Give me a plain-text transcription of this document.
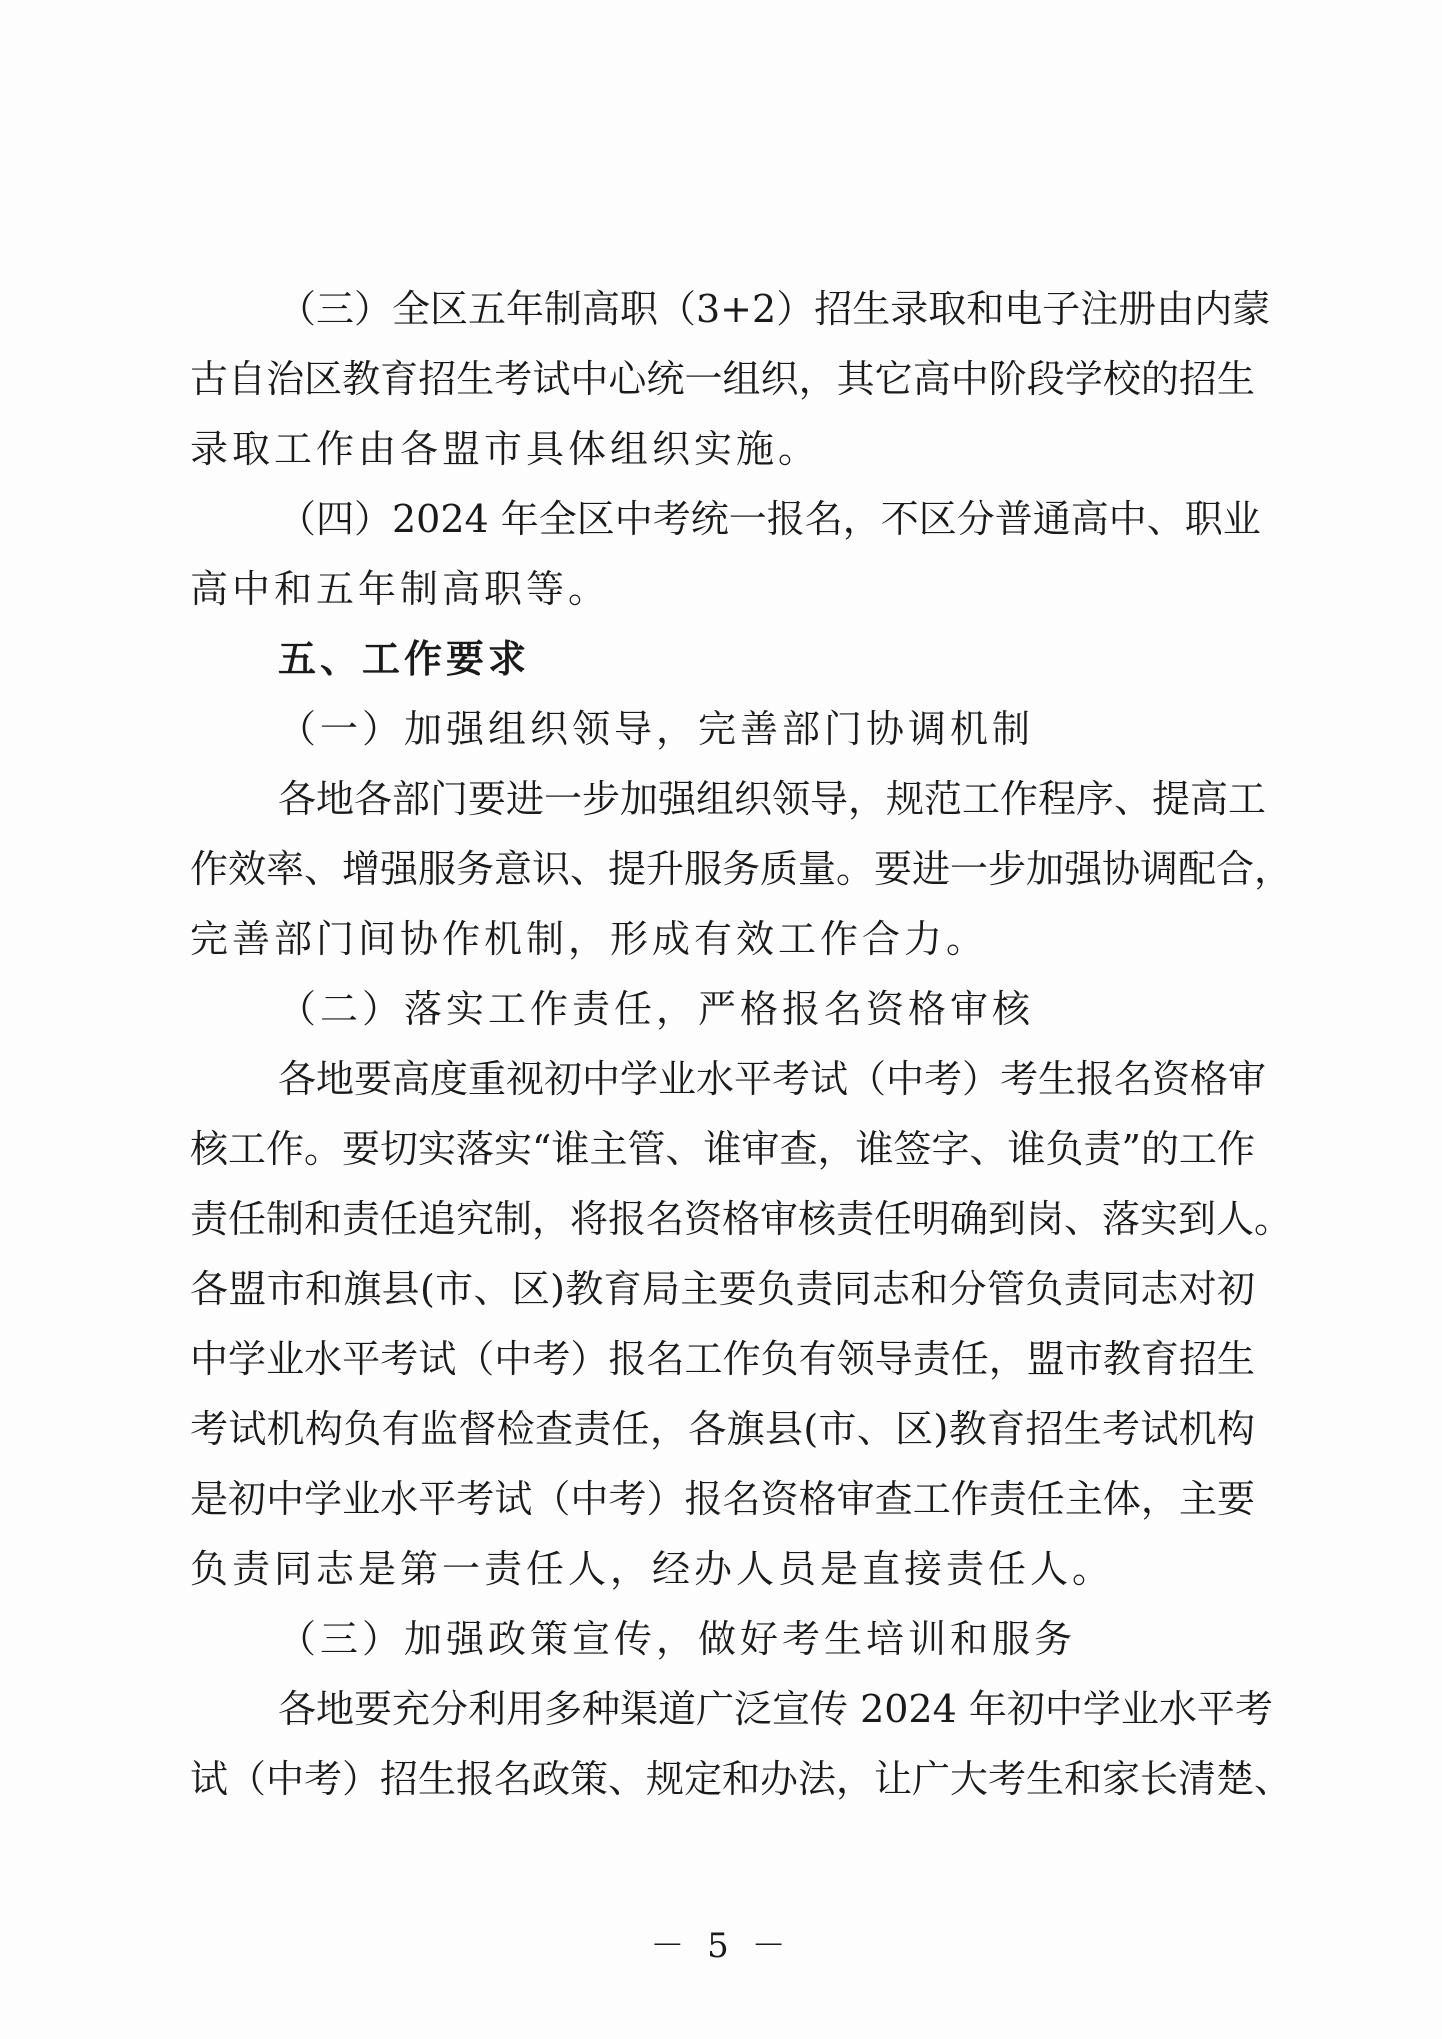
（三）全区五年制高职（3+2）招生录取和电子注册由内蒙
古自治区教育招生考试中心统一组织，其它高中阶段学校的招生
录取工作由各盟市具体组织实施。
（四）2024 年全区中考统一报名，不区分普通高中、职业
高中和五年制高职等。
五、工作要求
（一）加强组织领导，完善部门协调机制
各地各部门要进一步加强组织领导，规范工作程序、提高工
作效率、增强服务意识、提升服务质量。要进一步加强协调配合，
完善部门间协作机制，形成有效工作合力。
（二）落实工作责任，严格报名资格审核
各地要高度重视初中学业水平考试（中考）考生报名资格审
核工作。要切实落实“谁主管、谁审查，谁签字、谁负责”的工作
责任制和责任追究制，将报名资格审核责任明确到岗、落实到人。
各盟市和旗县(市、区)教育局主要负责同志和分管负责同志对初
中学业水平考试（中考）报名工作负有领导责任，盟市教育招生
考试机构负有监督检查责任，各旗县(市、区)教育招生考试机构
是初中学业水平考试（中考）报名资格审查工作责任主体，主要
负责同志是第一责任人，经办人员是直接责任人。
（三）加强政策宣传，做好考生培训和服务
各地要充分利用多种渠道广泛宣传 2024 年初中学业水平考
试（中考）招生报名政策、规定和办法，让广大考生和家长清楚、
－ 5 －
